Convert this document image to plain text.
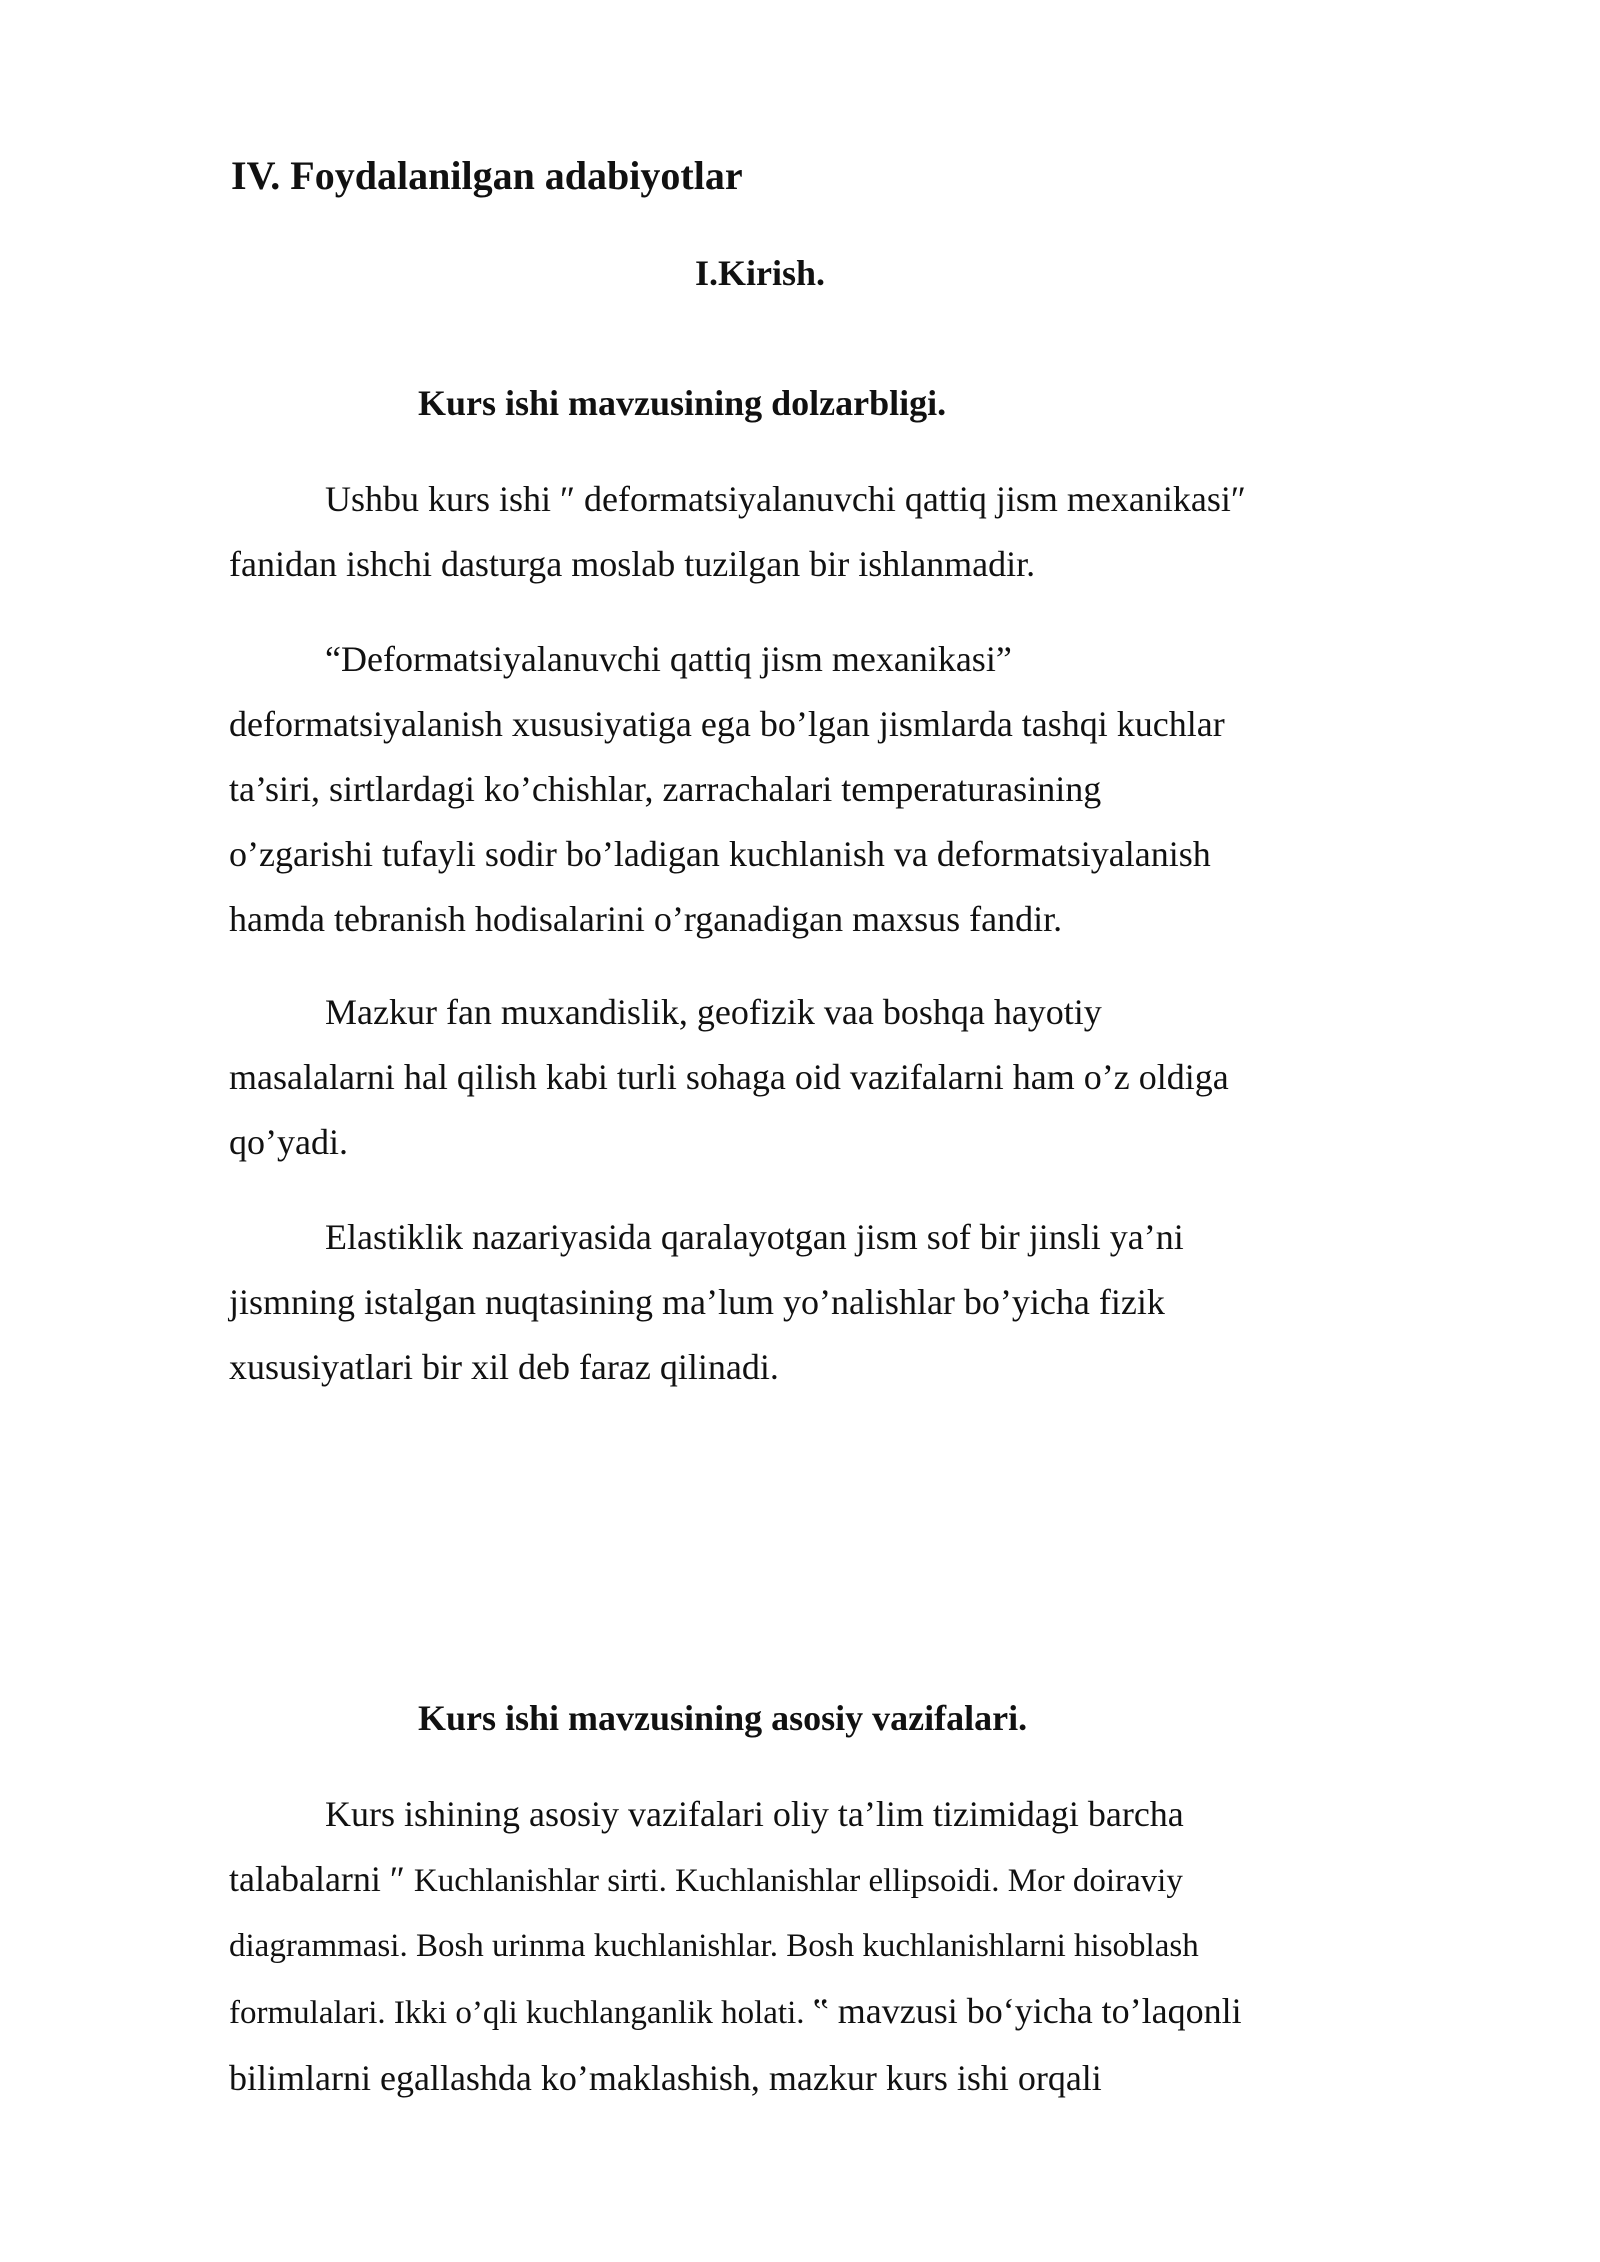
IV. Foydalanilgan adabiyotlar
I.Kirish.
Kurs ishi mavzusining dolzarbligi.

Ushbu kurs ishi ″ deformatsiyalanuvchi qattiq jism mexanikasi″
fanidan ishchi dasturga moslab tuzilgan bir ishlanmadir.

“Deformatsiyalanuvchi qattiq jism mexanikasi”
deformatsiyalanish xususiyatiga ega bo’lgan jismlarda tashqi kuchlar
ta’siri, sirtlardagi ko’chishlar, zarrachalari temperaturasining
o’zgarishi tufayli sodir bo’ladigan kuchlanish va deformatsiyalanish
hamda tebranish hodisalarini o’rganadigan maxsus fandir.

Mazkur fan muxandislik, geofizik vaa boshqa hayotiy
masalalarni hal qilish kabi turli sohaga oid vazifalarni ham o’z oldiga
qo’yadi.

Elastiklik nazariyasida qaralayotgan jism sof bir jinsli ya’ni
jismning istalgan nuqtasining ma’lum yo’nalishlar bo’yicha fizik
xususiyatlari bir xil deb faraz qilinadi.

Kurs ishi mavzusining asosiy vazifalari.

Kurs ishining asosiy vazifalari oliy ta’lim tizimidagi barcha
talabalarni ″ Kuchlanishlar sirti. Kuchlanishlar ellipsoidi. Mor doiraviy
diagrammasi. Bosh urinma kuchlanishlar. Bosh kuchlanishlarni hisoblash
formulalari. Ikki o’qli kuchlanganlik holati. ‟ mavzusi bo‘yicha to’laqonli
bilimlarni egallashda ko’maklashish, mazkur kurs ishi orqali
